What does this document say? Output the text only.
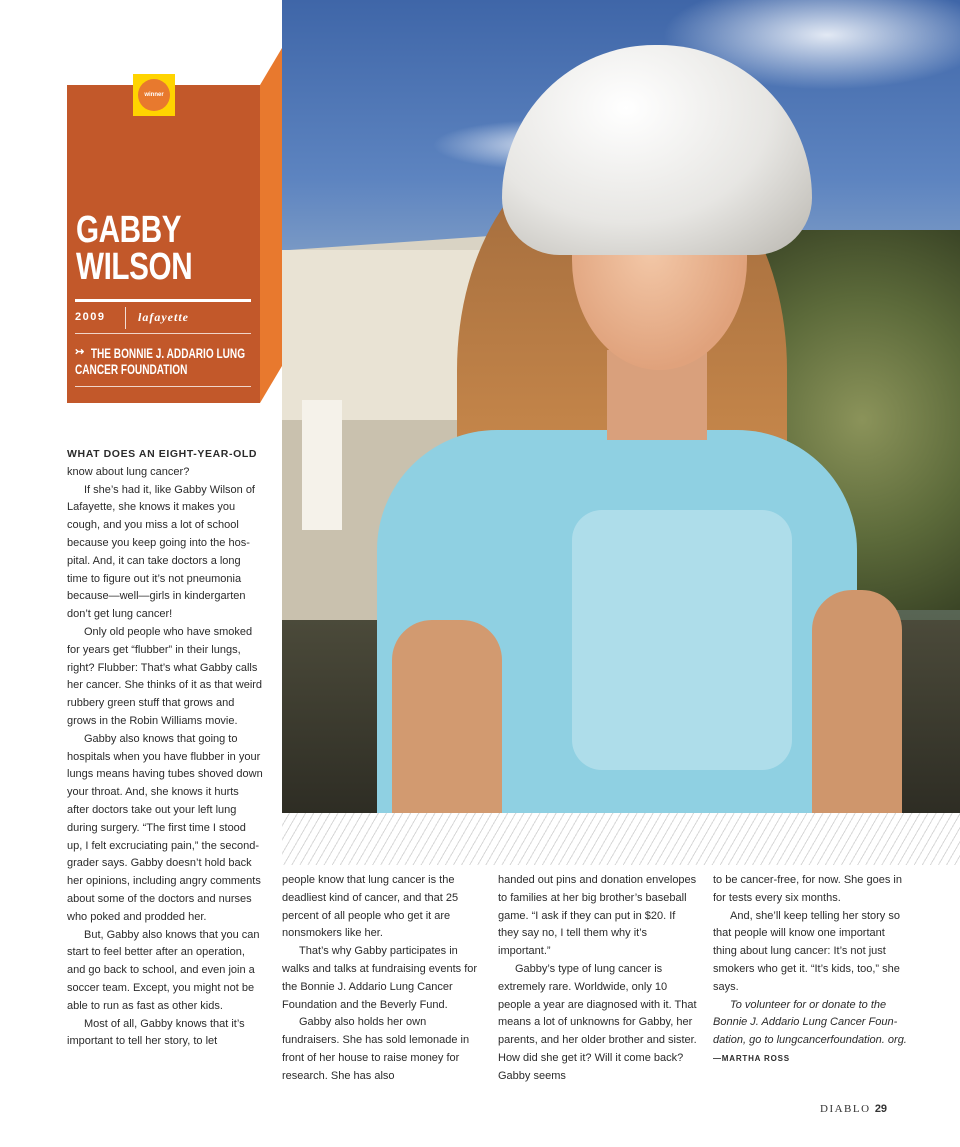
winner
GABBY
WILSON
2009	lafayette
↣ THE BONNIE J. ADDARIO LUNG CANCER FOUNDATION

WHAT DOES AN EIGHT-YEAR-OLD
know about lung cancer?

If she’s had it, like Gabby Wilson of Lafayette, she knows it makes you cough, and you miss a lot of school because you keep going into the hospital. And, it can take doctors a long time to figure out it’s not pneumonia because—well—girls in kindergarten don’t get lung cancer!

Only old people who have smoked for years get “flubber” in their lungs, right? Flubber: That’s what Gabby calls her cancer. She thinks of it as that weird rubbery green stuff that grows and grows in the Robin Williams movie.

Gabby also knows that going to hospitals when you have flubber in your lungs means having tubes shoved down your throat. And, she knows it hurts after doctors take out your left lung during surgery. “The first time I stood up, I felt excruciating pain,” the second-grader says. Gabby doesn’t hold back her opinions, including angry comments about some of the doctors and nurses who poked and prodded her.

But, Gabby also knows that you can start to feel better after an operation, and go back to school, and even join a soccer team. Except, you might not be able to run as fast as other kids.

Most of all, Gabby knows that it’s important to tell her story, to let

people know that lung cancer is the deadliest kind of cancer, and that 25 percent of all people who get it are nonsmokers like her.

That’s why Gabby participates in walks and talks at fundraising events for the Bonnie J. Addario Lung Cancer Foundation and the Beverly Fund.

Gabby also holds her own fundraisers. She has sold lemonade in front of her house to raise money for research. She has also

handed out pins and donation envelopes to families at her big brother’s baseball game. “I ask if they can put in $20. If they say no, I tell them why it’s important.”

Gabby’s type of lung cancer is extremely rare. Worldwide, only 10 people a year are diagnosed with it. That means a lot of unknowns for Gabby, her parents, and her older brother and sister. How did she get it? Will it come back? Gabby seems

to be cancer-free, for now. She goes in for tests every six months.

And, she’ll keep telling her story so that people will know one important thing about lung cancer: It’s not just smokers who get it. “It’s kids, too,” she says.

To volunteer for or donate to the Bonnie J. Addario Lung Cancer Foundation, go to lungcancerfoundation. org. —MARTHA ROSS

DIABLO 29
